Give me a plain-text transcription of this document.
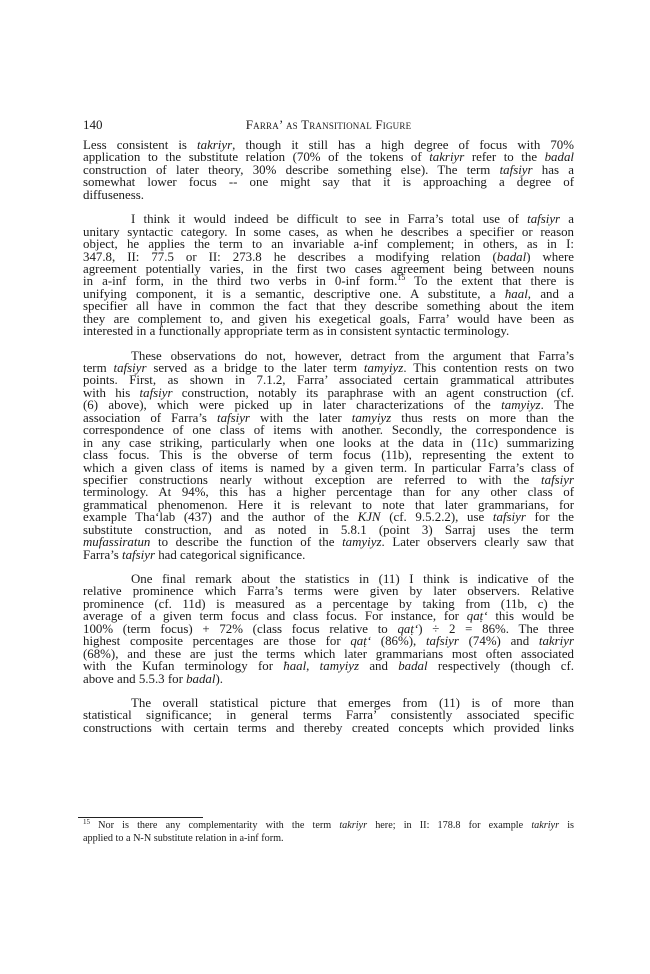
140	Farra’ as Transitional Figure
Less consistent is takriyr, though it still has a high degree of focus with 70%
application to the substitute relation (70% of the tokens of takriyr refer to the badal
construction of later theory, 30% describe something else). The term tafsiyr has a
somewhat lower focus -- one might say that it is approaching a degree of
diffuseness.
I think it would indeed be difficult to see in Farra’s total use of tafsiyr a
unitary syntactic category. In some cases, as when he describes a specifier or reason
object, he applies the term to an invariable a-inf complement; in others, as in I:
347.8, II: 77.5 or II: 273.8 he describes a modifying relation (badal) where
agreement potentially varies, in the first two cases agreement being between nouns
in a-inf form, in the third two verbs in 0-inf form.$^{15}$ To the extent that there is
unifying component, it is a semantic, descriptive one. A substitute, a ħaal, and a
specifier all have in common the fact that they describe something about the item
they are complement to, and given his exegetical goals, Farra’ would have been as
interested in a functionally appropriate term as in consistent syntactic terminology.
These observations do not, however, detract from the argument that Farra’s
term tafsiyr served as a bridge to the later term tamyiyz. This contention rests on two
points. First, as shown in 7.1.2, Farra’ associated certain grammatical attributes
with his tafsiyr construction, notably its paraphrase with an agent construction (cf.
(6) above), which were picked up in later characterizations of the tamyiyz. The
association of Farra’s tafsiyr with the later tamyiyz thus rests on more than the
correspondence of one class of items with another. Secondly, the correspondence is
in any case striking, particularly when one looks at the data in (11c) summarizing
class focus. This is the obverse of term focus (11b), representing the extent to
which a given class of items is named by a given term. In particular Farra’s class of
specifier constructions nearly without exception are referred to with the tafsiyr
terminology. At 94%, this has a higher percentage than for any other class of
grammatical phenomenon. Here it is relevant to note that later grammarians, for
example Tha‘lab (437) and the author of the KJN (cf. 9.5.2.2), use tafsiyr for the
substitute construction, and as noted in 5.8.1 (point 3) Sarraj uses the term
mufassiratun to describe the function of the tamyiyz. Later observers clearly saw that
Farra’s tafsiyr had categorical significance.
One final remark about the statistics in (11) I think is indicative of the
relative prominence which Farra’s terms were given by later observers. Relative
prominence (cf. 11d) is measured as a percentage by taking from (11b, c) the
average of a given term focus and class focus. For instance, for qaṭ‘ this would be
100% (term focus) + 72% (class focus relative to qaṭ‘) ÷ 2 = 86%. The three
highest composite percentages are those for qaṭ‘ (86%), tafsiyr (74%) and takriyr
(68%), and these are just the terms which later grammarians most often associated
with the Kufan terminology for ħaal, tamyiyz and badal respectively (though cf.
above and 5.5.3 for badal).
The overall statistical picture that emerges from (11) is of more than
statistical significance; in general terms Farra’ consistently associated specific
constructions with certain terms and thereby created concepts which provided links
$^{15}$ Nor is there any complementarity with the term takriyr here; in II: 178.8 for example takriyr is
applied to a N-N substitute relation in a-inf form.
